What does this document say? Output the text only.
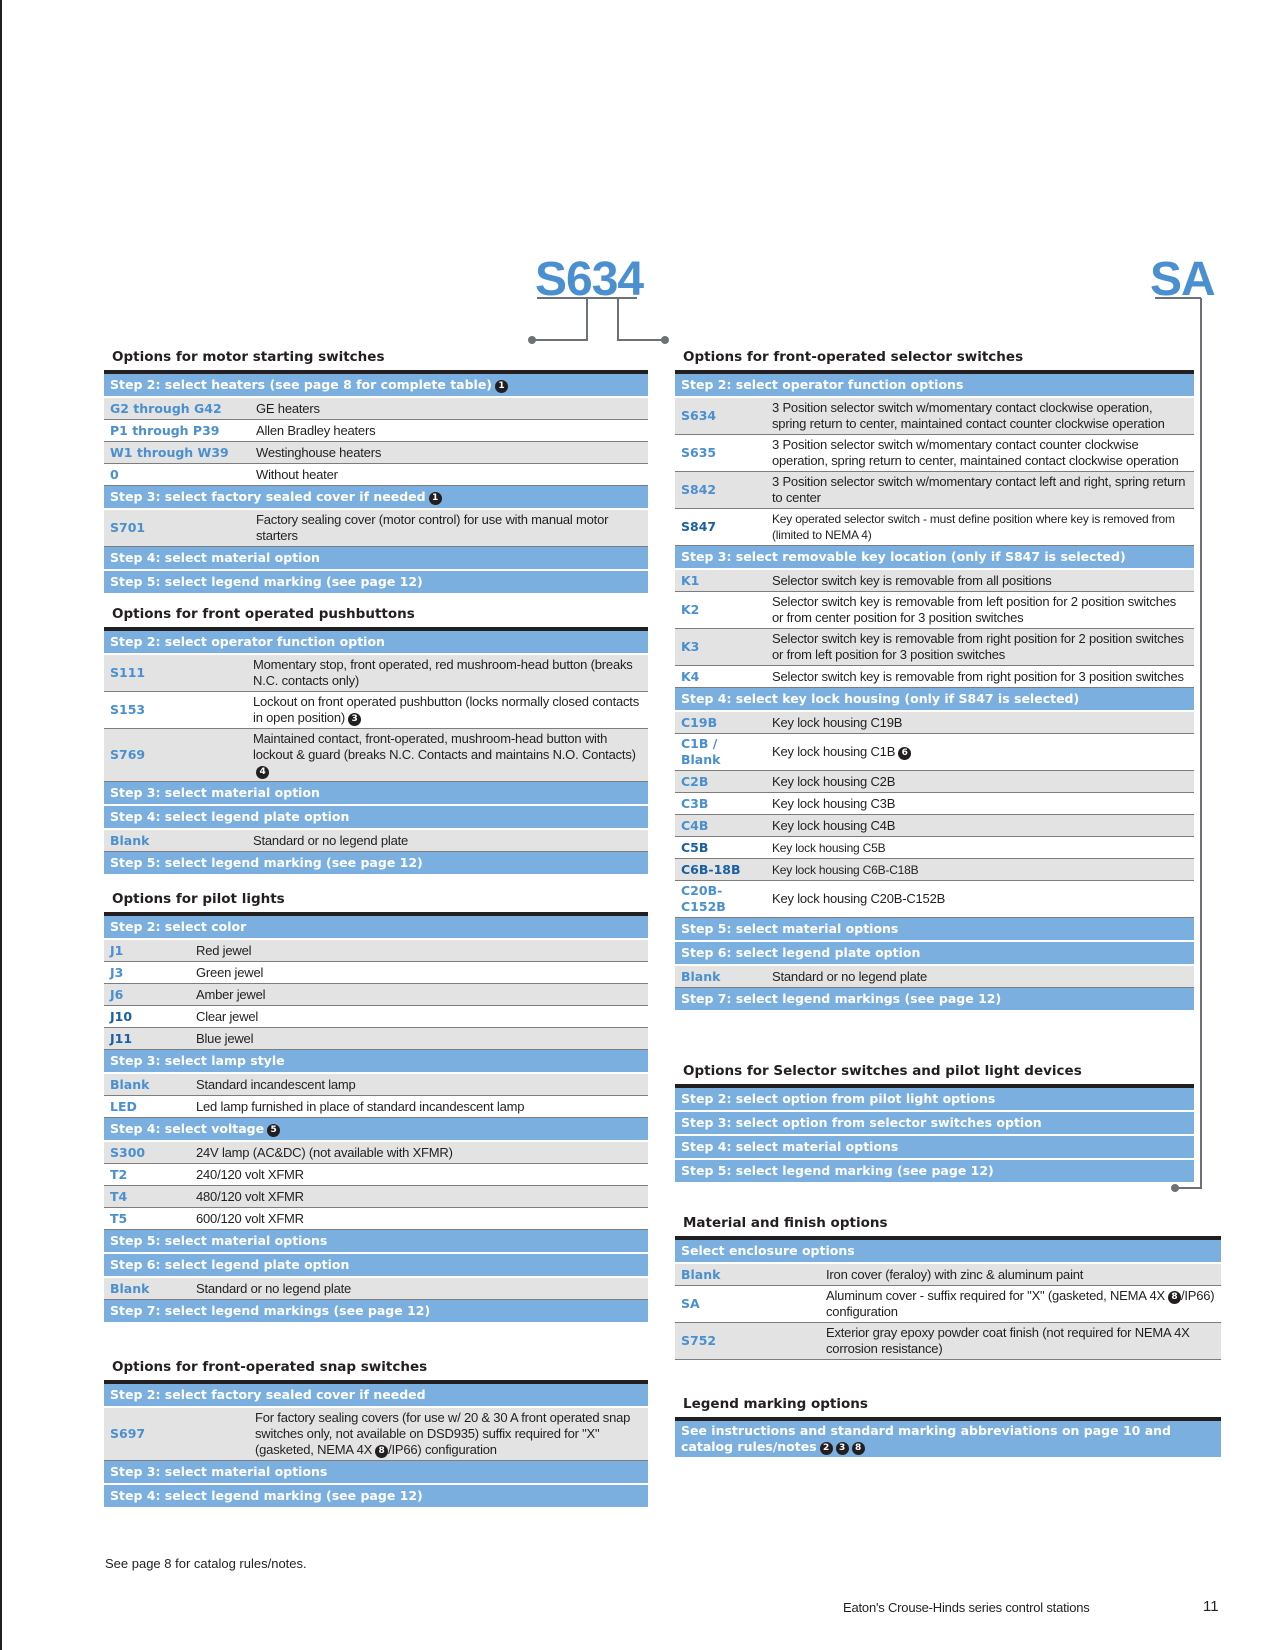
S634	SA
Options for motor starting switches
Step 2: select heaters (see page 8 for complete table) 1	
G2 through G42	GE heaters
P1 through P39	Allen Bradley heaters
W1 through W39	Westinghouse heaters
0	Without heater
Step 3: select factory sealed cover if needed 1	
S701	Factory sealing cover (motor control) for use with manual motor starters
Step 4: select material option	
Step 5: select legend marking (see page 12)	
Options for front operated pushbuttons
Step 2: select operator function option	
S111	Momentary stop, front operated, red mushroom-head button (breaks N.C. contacts only)
S153	Lockout on front operated pushbutton (locks normally closed contacts in open position) 3
S769	Maintained contact, front-operated, mushroom-head button with lockout & guard (breaks N.C. Contacts and maintains N.O. Contacts)4
Step 3: select material option	
Step 4: select legend plate option	
Blank	Standard or no legend plate
Step 5: select legend marking (see page 12)	
Options for pilot lights
Step 2: select color	
J1	Red jewel
J3	Green jewel
J6	Amber jewel
J10	Clear jewel
J11	Blue jewel
Step 3: select lamp style	
Blank	Standard incandescent lamp
LED	Led lamp furnished in place of standard incandescent lamp
Step 4: select voltage 5	
S300	24V lamp (AC&DC) (not available with XFMR)
T2	240/120 volt XFMR
T4	480/120 volt XFMR
T5	600/120 volt XFMR
Step 5: select material options	
Step 6: select legend plate option	
Blank	Standard or no legend plate
Step 7: select legend markings (see page 12)	
Options for front-operated snap switches
Step 2: select factory sealed cover if needed
S697	For factory sealing covers (for use w/ 20 & 30 A front operated snap switches only, not available on DSD935) suffix required for "X" (gasketed, NEMA 4X 8 /IP66) configuration
Step 3: select material options
Step 4: select legend marking (see page 12)
Options for front-operated selector switches
Step 2: select operator function options	
S634	3 Position selector switch w/momentary contact clockwise operation, spring return to center, maintained contact counter clockwise operation
S635	3 Position selector switch w/momentary contact counter clockwise operation, spring return to center, maintained contact clockwise operation
S842	3 Position selector switch w/momentary contact left and right, spring return to center
S847	Key operated selector switch - must define position where key is removed from (limited to NEMA 4)
Step 3: select removable key location (only if S847 is selected)	
K1	Selector switch key is removable from all positions
K2	Selector switch key is removable from left position for 2 position switches or from center position for 3 position switches
K3	Selector switch key is removable from right position for 2 position switches or from left position for 3 position switches
K4	Selector switch key is removable from right position for 3 position switches
Step 4: select key lock housing (only if S847 is selected)	
C19B	Key lock housing C19B
C1B / Blank	Key lock housing C1B 6
C2B	Key lock housing C2B
C3B	Key lock housing C3B
C4B	Key lock housing C4B
C5B	Key lock housing C5B
C6B-18B	Key lock housing C6B-C18B
C20B-C152B	Key lock housing C20B-C152B
Step 5: select material options	
Step 6: select legend plate option	
Blank	Standard or no legend plate
Step 7: select legend markings (see page 12)	
Options for Selector switches and pilot light devices
Step 2: select option from pilot light options
Step 3: select option from selector switches option
Step 4: select material options
Step 5: select legend marking (see page 12)
Material and finish options
Select enclosure options	
Blank	Iron cover (feraloy) with zinc & aluminum paint
SA	Aluminum cover - suffix required for "X" (gasketed, NEMA 4X 8 /IP66) configuration
S752	Exterior gray epoxy powder coat finish (not required for NEMA 4X corrosion resistance)
Legend marking options
See instructions and standard marking abbreviations on page 10 and catalog rules/notes 2 3 8
See page 8 for catalog rules/notes.
Eaton's Crouse-Hinds series control stations	11
